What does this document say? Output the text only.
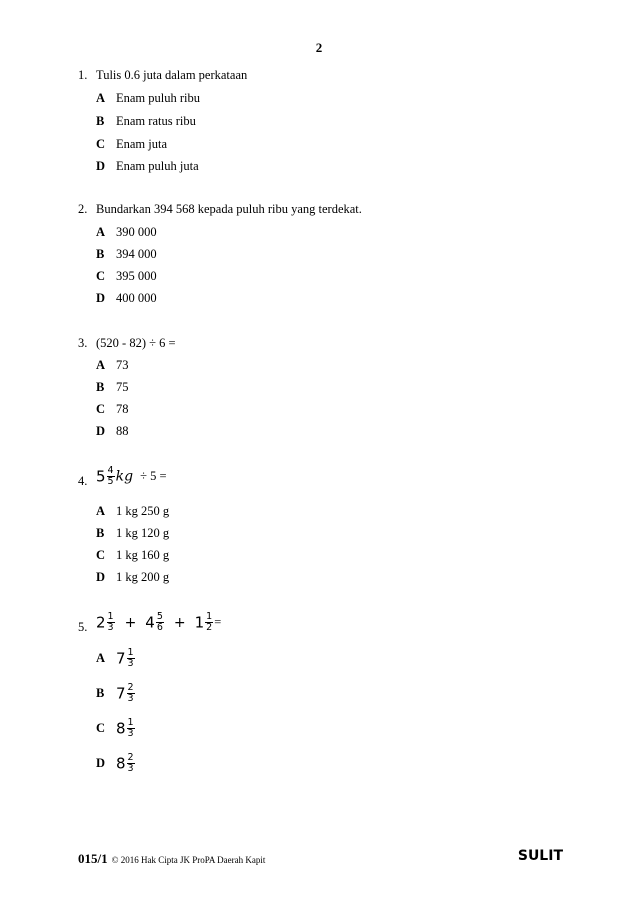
2
1. Tulis 0.6 juta dalam perkataan
A Enam puluh ribu
B Enam ratus ribu
C Enam juta
D Enam puluh juta
2. Bundarkan 394 568 kepada puluh ribu yang terdekat.
A 390 000
B 394 000
C 395 000
D 400 000
3. (520 - 82) ÷ 6 =
A 73
B 75
C 78
D 88
4. $5 \frac{4}{5}$ kg ÷ 5 =
A 1 kg 250 g
B 1 kg 120 g
C 1 kg 160 g
D 1 kg 200 g
5. $2 \frac{1}{3} + 4 \frac{5}{6} + 1 \frac{1}{2}$ =
A $7 \frac{1}{3}$
B $7 \frac{2}{3}$
C $8 \frac{1}{3}$
D $8 \frac{2}{3}$
015/1 © 2016 Hak Cipta JK ProPA Daerah Kapit	SULIT
